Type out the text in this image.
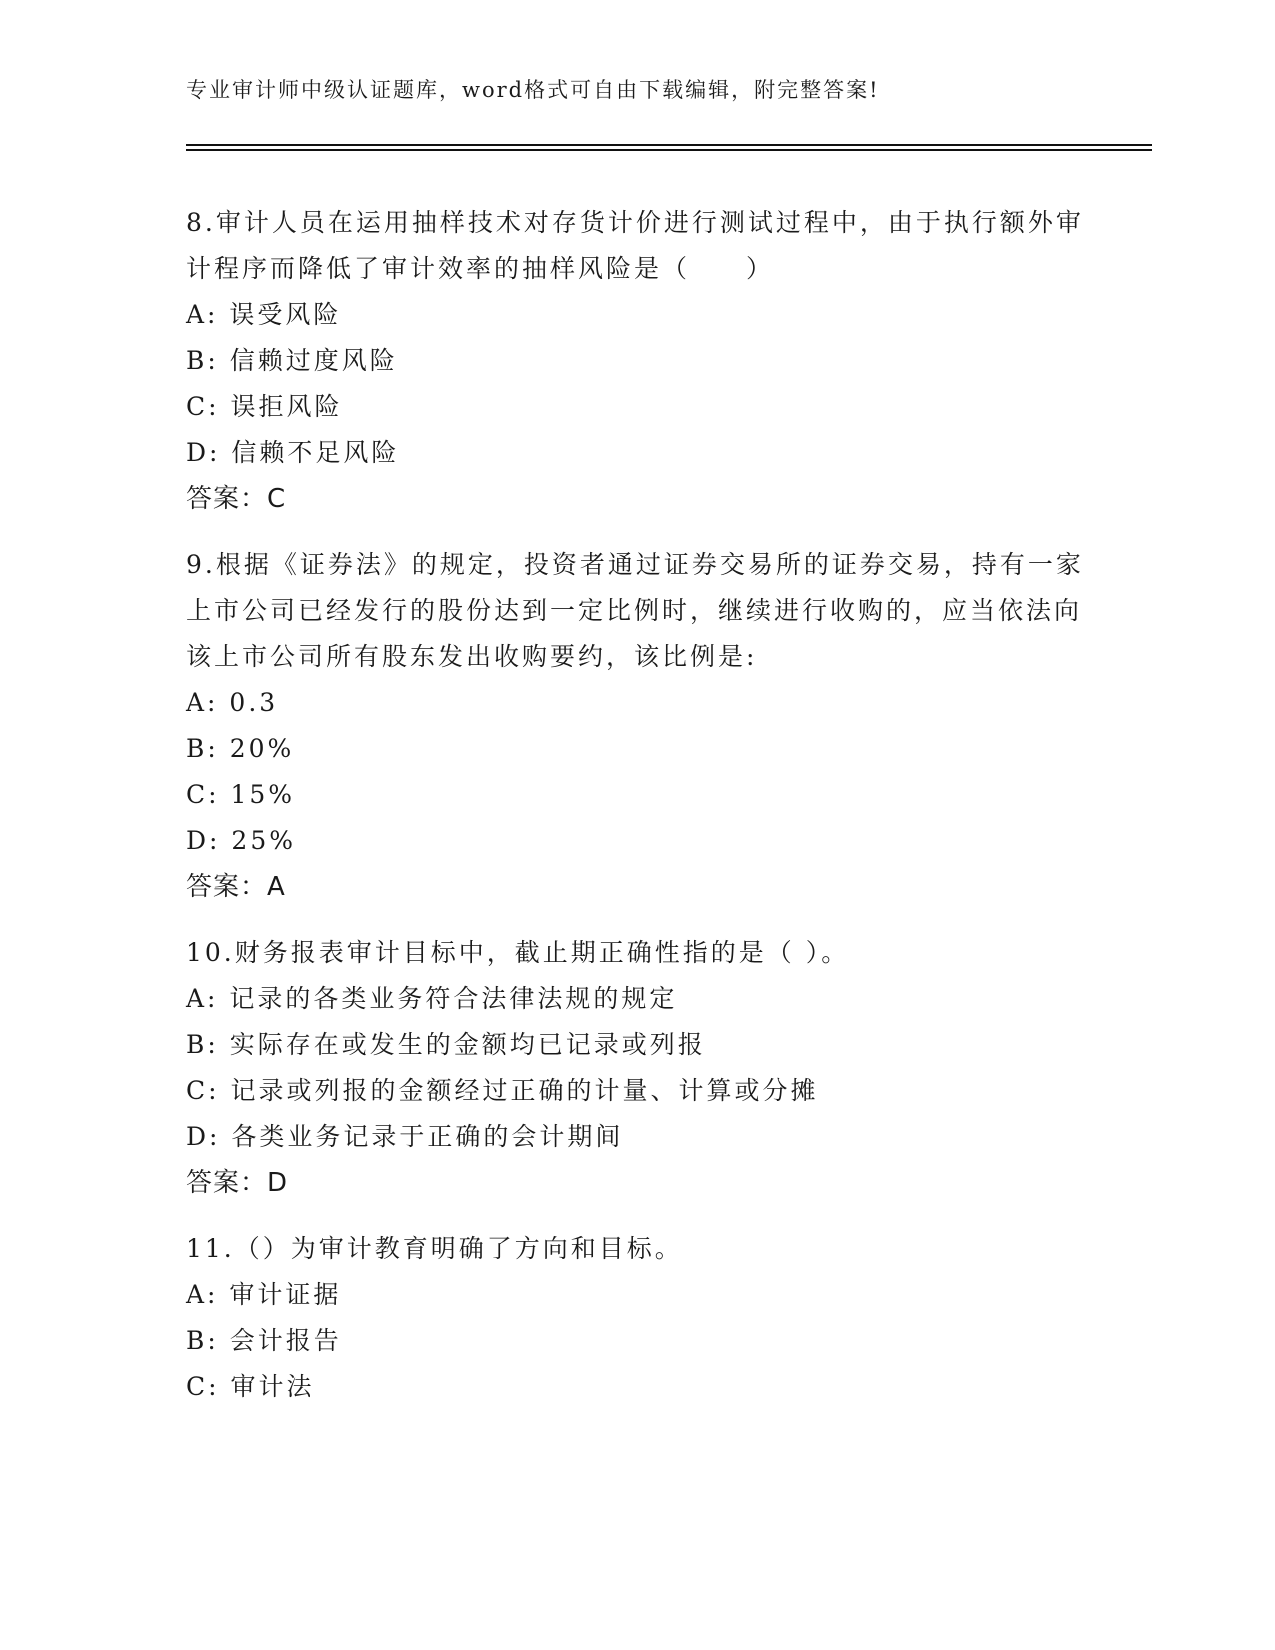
专业审计师中级认证题库，word格式可自由下载编辑，附完整答案!
8.审计人员在运用抽样技术对存货计价进行测试过程中，由于执行额外审计程序而降低了审计效率的抽样风险是（　　）
A: 误受风险
B: 信赖过度风险
C: 误拒风险
D: 信赖不足风险
答案：C
9.根据《证券法》的规定，投资者通过证券交易所的证券交易，持有一家上市公司已经发行的股份达到一定比例时，继续进行收购的，应当依法向该上市公司所有股东发出收购要约，该比例是:
A: 0.3
B: 20%
C: 15%
D: 25%
答案：A
10.财务报表审计目标中，截止期正确性指的是（ ）。
A: 记录的各类业务符合法律法规的规定
B: 实际存在或发生的金额均已记录或列报
C: 记录或列报的金额经过正确的计量、计算或分摊
D: 各类业务记录于正确的会计期间
答案：D
11.（）为审计教育明确了方向和目标。
A: 审计证据
B: 会计报告
C: 审计法
